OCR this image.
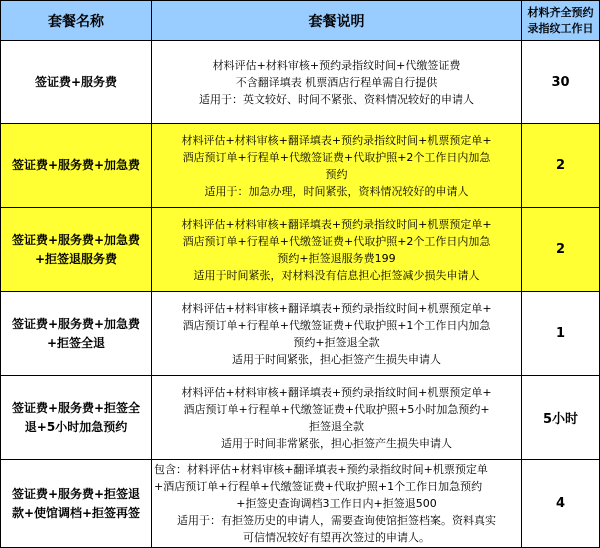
套餐名称	套餐说明	材料齐全预约
录指纹工作日

签证费+服务费	材料评估+材料审核+预约录指纹时间+代缴签证费
不含翻译填表 机票酒店行程单需自行提供
适用于：英文较好、时间不紧张、资料情况较好的申请人	30

签证费+服务费+加急费	材料评估+材料审核+翻译填表+预约录指纹时间+机票预定单+
酒店预订单+行程单+代缴签证费+代取护照+2个工作日内加急
预约
适用于：加急办理，时间紧张，资料情况较好的申请人	2

签证费+服务费+加急费
+拒签退服务费	材料评估+材料审核+翻译填表+预约录指纹时间+机票预定单+
酒店预订单+行程单+代缴签证费+代取护照+2个工作日内加急
预约+拒签退服务费199
适用于时间紧张，对材料没有信息担心拒签减少损失申请人	2

签证费+服务费+加急费
+拒签全退	材料评估+材料审核+翻译填表+预约录指纹时间+机票预定单+
酒店预订单+行程单+代缴签证费+代取护照+1个工作日内加急
预约+拒签退全款
适用于时间紧张，担心拒签产生损失申请人	1

签证费+服务费+拒签全
退+5小时加急预约	材料评估+材料审核+翻译填表+预约录指纹时间+机票预定单+
酒店预订单+行程单+代缴签证费+代取护照+5小时加急预约+
拒签退全款
适用于时间非常紧张，担心拒签产生损失申请人	5小时

签证费+服务费+拒签退
款+使馆调档+拒签再签	包含：材料评估+材料审核+翻译填表+预约录指纹时间+机票预定单
+酒店预订单+行程单+代缴签证费+代取护照+1个工作日加急预约
+拒签史查询调档3工作日内+拒签退500
适用于：有拒签历史的申请人，需要查询使馆拒签档案。资料真实
可信情况较好有望再次签过的申请人。	4
